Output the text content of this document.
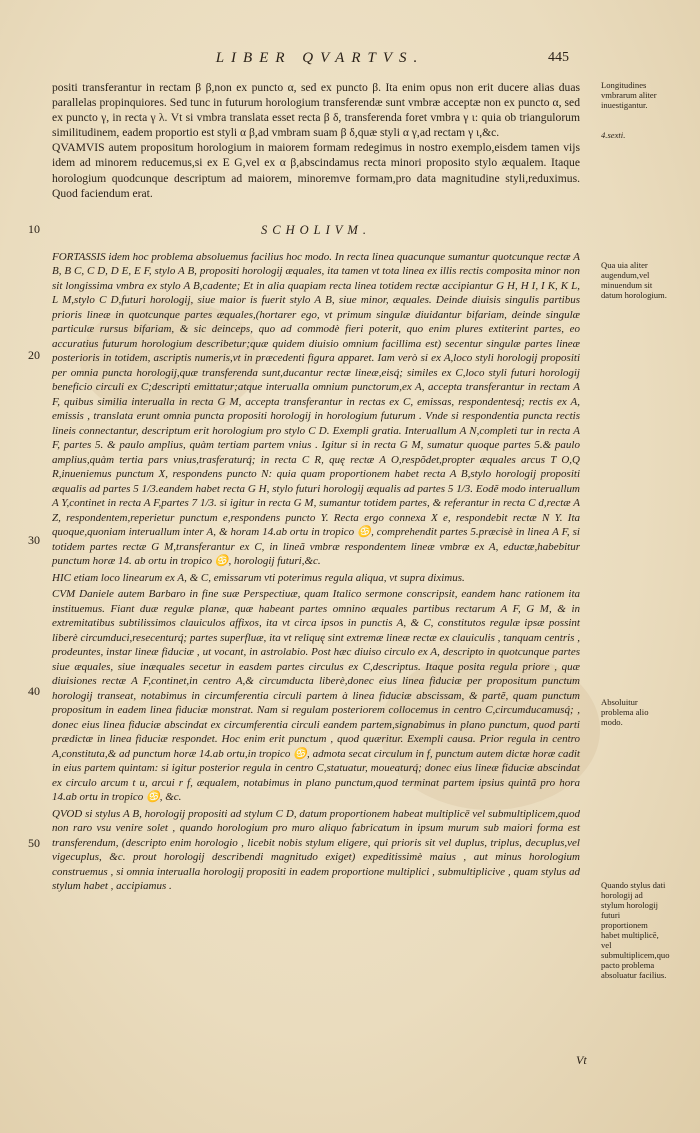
LIBER QVARTVS.	445

positi transferantur in rectam β β,non ex puncto α, sed ex puncto β. Ita enim opus non erit ducere alias duas parallelas propinquiores. Sed tunc in futurum horologium transferendæ sunt vmbræ acceptæ non ex puncto α, sed ex puncto γ, in recta γ λ. Vt si vmbra translata esset recta β δ, transferenda foret vmbra γ ι: quia ob triangulorum similitudinem, eadem proportio est styli α β,ad vmbram suam β δ,quæ styli α γ,ad rectam γ ι,&c.

QVAMVIS autem propositum horologium in maiorem formam redegimus in nostro exemplo,eisdem tamen vijs idem ad minorem reducemus,si ex E G,vel ex α β,abscindamus recta minori proposito stylo æqualem. Itaque horologium quodcunque descriptum ad maiorem, minoremve formam,pro data magnitudine styli,reduximus. Quod faciendum erat.

SCHOLIVM.

FORTASSIS idem hoc problema absoluemus facilius hoc modo. In recta linea quacunque sumantur quotcunque rectæ A B, B C, C D, D E, E F, stylo A B, propositi horologij æquales, ita tamen vt tota linea ex illis rectis composita minor non sit longissima vmbra ex stylo A B,cadente; Et in alia quapiam recta linea totidem rectæ accipiantur G H, H I, I K, K L, L M,stylo C D,futuri horologij, siue maior is fuerit stylo A B, siue minor, æquales. Deinde diuisis singulis partibus prioris lineæ in quotcunque partes æquales,(hortarer ego, vt primum singulæ diuidantur bifariam, deinde singulæ particulæ rursus bifariam, & sic deinceps, quo ad commodè fieri poterit, quo enim plures extiterint partes, eo accuratius futurum horologium describetur;quæ quidem diuisio omnium facillima est) secentur singulæ partes lineæ posterioris in totidem, ascriptis numeris,vt in præcedenti figura apparet. Iam verò si ex A,loco styli horologij propositi per omnia puncta horologij,quæ transferenda sunt,ducantur rectæ lineæ,eisq́; similes ex C,loco styli futuri horologij beneficio circuli ex C;descripti emittatur;atque interualla omnium punctorum,ex A, accepta transferantur in rectam A F, quibus similia interualla in recta G M, accepta transferantur in rectas ex C, emissas, respondentesq́; rectis ex A, emissis , translata erunt omnia puncta propositi horologij in horologium futurum . Vnde si respondentia puncta rectis lineis connectantur, descriptum erit horologium pro stylo C D. Exempli gratia. Interuallum A N,completi tur in recta A F, partes 5. & paulo amplius, quàm tertiam partem vnius . Igitur si in recta G M, sumatur quoque partes 5.& paulo amplius,quàm tertia pars vnius,trasferaturq́; in recta C R, quę rectæ A O,respõdet,propter æquales arcus T O,Q R,inueniemus punctum X, respondens puncto N: quia quam proportionem habet recta A B,stylo horologij propositi æqualis ad partes 5 1/3.eandem habet recta G H, stylo futuri horologij æqualis ad partes 5 1/3. Eodẽ modo interuallum A Y,continet in recta A F,partes 7 1/3. si igitur in recta G M, sumantur totidem partes, & referantur in recta C d,rectæ A Z, respondentem,reperietur punctum e,respondens puncto Y. Recta ergo connexa X e, respondebit rectæ N Y. Ita quoque,quoniam interuallum inter A, & horam 14.ab ortu in tropico ♋, comprehendit partes 5.præcisè in linea A F, si totidem partes rectæ G M,transferantur ex C, in lineã vmbræ respondentem lineæ vmbræ ex A, eductæ,habebitur punctum horæ 14. ab ortu in tropico ♋, horologij futuri,&c.

HIC etiam loco linearum ex A, & C, emissarum vti poterimus regula aliqua, vt supra diximus.

CVM Daniele autem Barbaro in fine suæ Perspectiuæ, quam Italico sermone conscripsit, eandem hanc rationem ita instituemus. Fiant duæ regulæ planæ, quæ habeant partes omnino æquales partibus rectarum A F, G M, & in extremitatibus subtilissimos clauiculos affixos, ita vt circa ipsos in punctis A, & C, constitutos regulæ ipsæ possint liberè circumduci,resecenturq́; partes superfluæ, ita vt reliquę sint extremæ lineæ rectæ ex clauiculis , tanquam centris , prodeuntes, instar lineæ fiduciæ , ut vocant, in astrolabio. Post hæc diuiso circulo ex A, descripto in quotcunque partes siue æquales, siue inæquales secetur in easdem partes circulus ex C,descriptus. Itaque posita regula priore , quæ diuisiones rectæ A F,continet,in centro A,& circumducta liberè,donec eius linea fiduciæ per propositum punctum horologij transeat, notabimus in circumferentia circuli partem à linea fiduciæ abscissam, & partẽ, quam punctum propositum in eadem linea fiduciæ monstrat. Nam si regulam posteriorem collocemus in centro C,circumducamusq́; , donec eius linea fiduciæ abscindat ex circumferentia circuli eandem partem,signabimus in plano punctum, quod parti prædictæ in linea fiduciæ respondet. Hoc enim erit punctum , quod quæritur. Exempli causa. Prior regula in centro A,constituta,& ad punctum horæ 14.ab ortu,in tropico ♋, admota secat circulum in f, punctum autem dictæ horæ cadit in eius partem quintam: si igitur posterior regula in centro C,statuatur, moueaturq́; donec eius lineæ fiduciæ abscindat ex circulo arcum t u, arcui r f, æqualem, notabimus in plano punctum,quod terminat partem ipsius quintã pro hora 14.ab ortu in tropico ♋, &c.

QVOD si stylus A B, horologij propositi ad stylum C D, datum proportionem habeat multiplicē vel submultiplicem,quod non raro vsu venire solet , quando horologium pro muro aliquo fabricatum in ipsum murum sub maiori forma est transferendum, (descripto enim horologio , licebit nobis stylum eligere, qui prioris sit vel duplus, triplus, decuplus,vel vigecuplus, &c. prout horologij describendi magnitudo exiget) expeditissimè maius , aut minus horologium construemus , si omnia interualla horologij propositi in eadem proportione multiplici , submultiplicive , quam stylus ad stylum habet , accipiamus .

10
20
30
40
50
Longitudines vmbrarum aliter inuestigantur.
4.sexti.
Qua uia aliter augendum,vel minuendum sit datum horologium.
Absoluitur problema alio modo.
Quando stylus dati horologij ad stylum horologij futuri proportionem habet multiplicē, vel submultiplicem,quo pacto problema absoluatur facilius.
Vt
